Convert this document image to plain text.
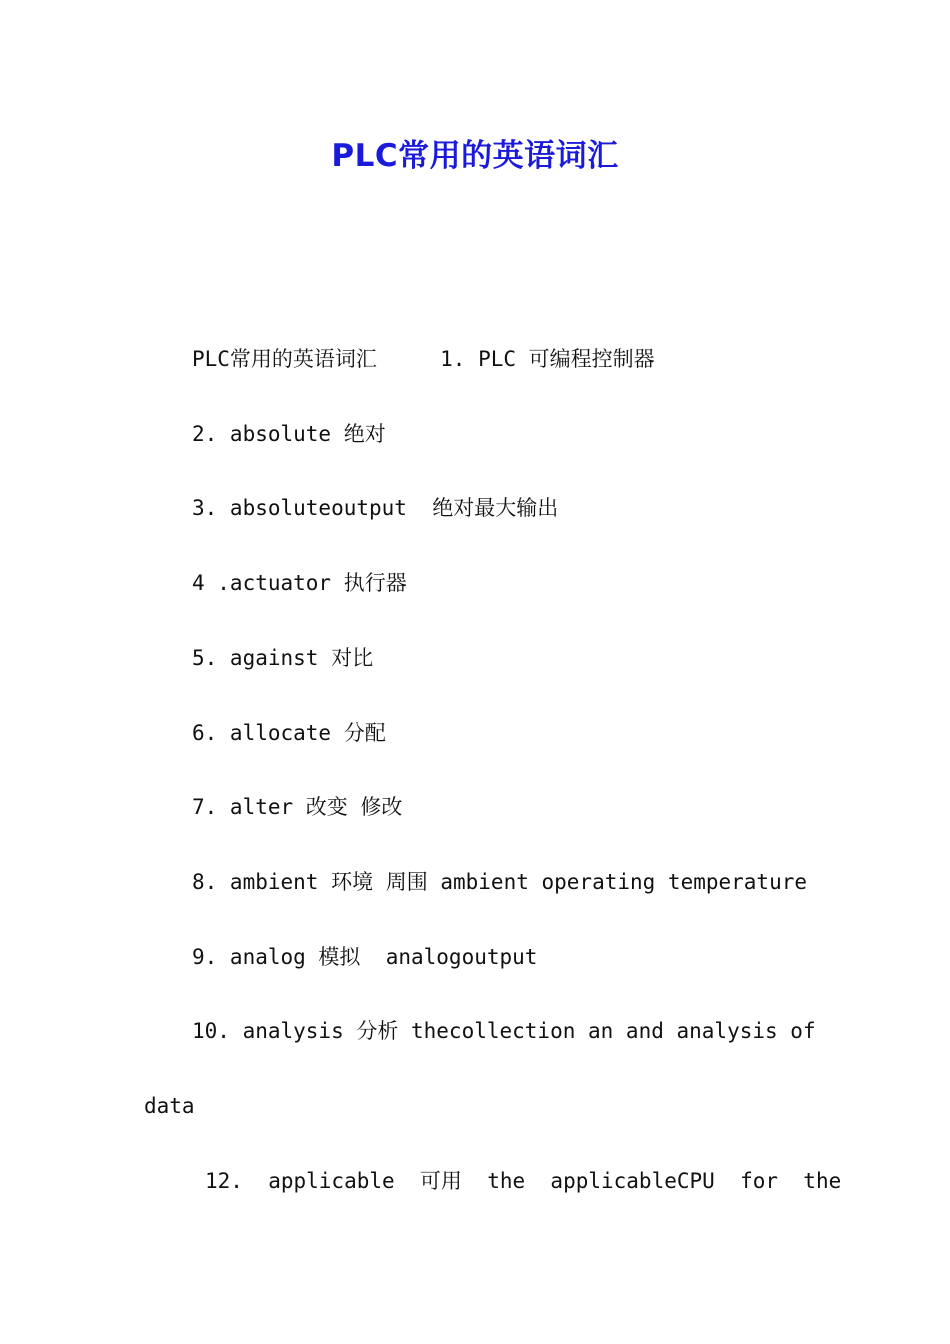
PLC常用的英语词汇
PLC常用的英语词汇     1. PLC 可编程控制器
2. absolute 绝对
3. absoluteoutput  绝对最大输出
4 .actuator 执行器
5. against 对比
6. allocate 分配
7. alter 改变 修改
8. ambient 环境 周围 ambient operating temperature
9. analog 模拟  analogoutput
10. analysis 分析 thecollection an and analysis of
data
12.  applicable  可用  the  applicableCPU  for  the
